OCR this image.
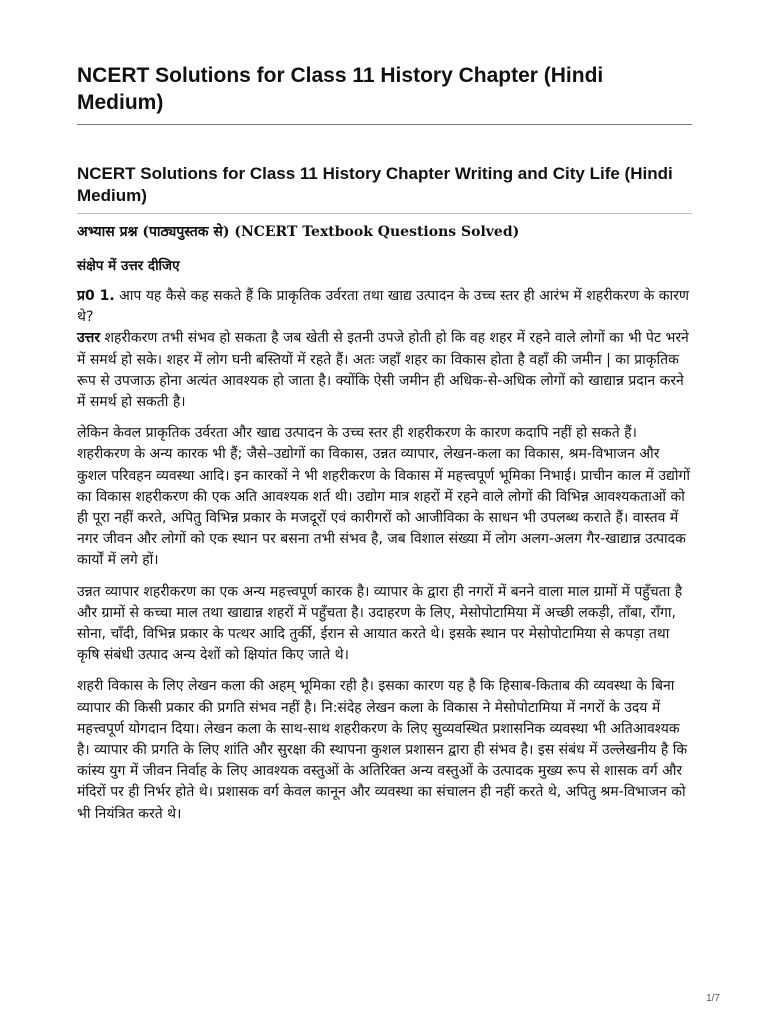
NCERT Solutions for Class 11 History Chapter (Hindi Medium)
NCERT Solutions for Class 11 History Chapter Writing and City Life (Hindi Medium)
अभ्यास प्रश्न (पाठ्यपुस्तक से) (NCERT Textbook Questions Solved)
संक्षेप में उत्तर दीजिए

प्र0 1. आप यह कैसे कह सकते हैं कि प्राकृतिक उर्वरता तथा खाद्य उत्पादन के उच्च स्तर ही आरंभ में शहरीकरण के कारण थे?

उत्तर शहरीकरण तभी संभव हो सकता है जब खेती से इतनी उपजे होती हो कि वह शहर में रहने वाले लोगों का भी पेट भरने में समर्थ हो सके। शहर में लोग घनी बस्तियों में रहते हैं। अतः जहाँ शहर का विकास होता है वहाँ की जमीन | का प्राकृतिक रूप से उपजाऊ होना अत्यंत आवश्यक हो जाता है। क्योंकि ऐसी जमीन ही अधिक-से-अधिक लोगों को खाद्यान्न प्रदान करने में समर्थ हो सकती है।

लेकिन केवल प्राकृतिक उर्वरता और खाद्य उत्पादन के उच्च स्तर ही शहरीकरण के कारण कदापि नहीं हो सकते हैं। शहरीकरण के अन्य कारक भी हैं; जैसे–उद्योगों का विकास, उन्नत व्यापार, लेखन-कला का विकास, श्रम-विभाजन और कुशल परिवहन व्यवस्था आदि। इन कारकों ने भी शहरीकरण के विकास में महत्त्वपूर्ण भूमिका निभाई। प्राचीन काल में उद्योगों का विकास शहरीकरण की एक अति आवश्यक शर्त थी। उद्योग मात्र शहरों में रहने वाले लोगों की विभिन्न आवश्यकताओं को ही पूरा नहीं करते, अपितु विभिन्न प्रकार के मजदूरों एवं कारीगरों को आजीविका के साधन भी उपलब्ध कराते हैं। वास्तव में नगर जीवन और लोगों को एक स्थान पर बसना तभी संभव है, जब विशाल संख्या में लोग अलग-अलग गैर-खाद्यान्न उत्पादक कार्यों में लगे हों।

उन्नत व्यापार शहरीकरण का एक अन्य महत्त्वपूर्ण कारक है। व्यापार के द्वारा ही नगरों में बनने वाला माल ग्रामों में पहुँचता है और ग्रामों से कच्चा माल तथा खाद्यान्न शहरों में पहुँचता है। उदाहरण के लिए, मेसोपोटामिया में अच्छी लकड़ी, ताँबा, राँगा, सोना, चाँदी, विभिन्न प्रकार के पत्थर आदि तुर्की, ईरान से आयात करते थे। इसके स्थान पर मेसोपोटामिया से कपड़ा तथा कृषि संबंधी उत्पाद अन्य देशों को क्षियांत किए जाते थे।

शहरी विकास के लिए लेखन कला की अहम् भूमिका रही है। इसका कारण यह है कि हिसाब-किताब की व्यवस्था के बिना व्यापार की किसी प्रकार की प्रगति संभव नहीं है। नि:संदेह लेखन कला के विकास ने मेसोपोटामिया में नगरों के उदय में महत्त्वपूर्ण योगदान दिया। लेखन कला के साथ-साथ शहरीकरण के लिए सुव्यवस्थित प्रशासनिक व्यवस्था भी अतिआवश्यक है। व्यापार की प्रगति के लिए शांति और सुरक्षा की स्थापना कुशल प्रशासन द्वारा ही संभव है। इस संबंध में उल्लेखनीय है कि कांस्य युग में जीवन निर्वाह के लिए आवश्यक वस्तुओं के अतिरिक्त अन्य वस्तुओं के उत्पादक मुख्य रूप से शासक वर्ग और मंदिरों पर ही निर्भर होते थे। प्रशासक वर्ग केवल कानून और व्यवस्था का संचालन ही नहीं करते थे, अपितु श्रम-विभाजन को भी नियंत्रित करते थे।

1/7
